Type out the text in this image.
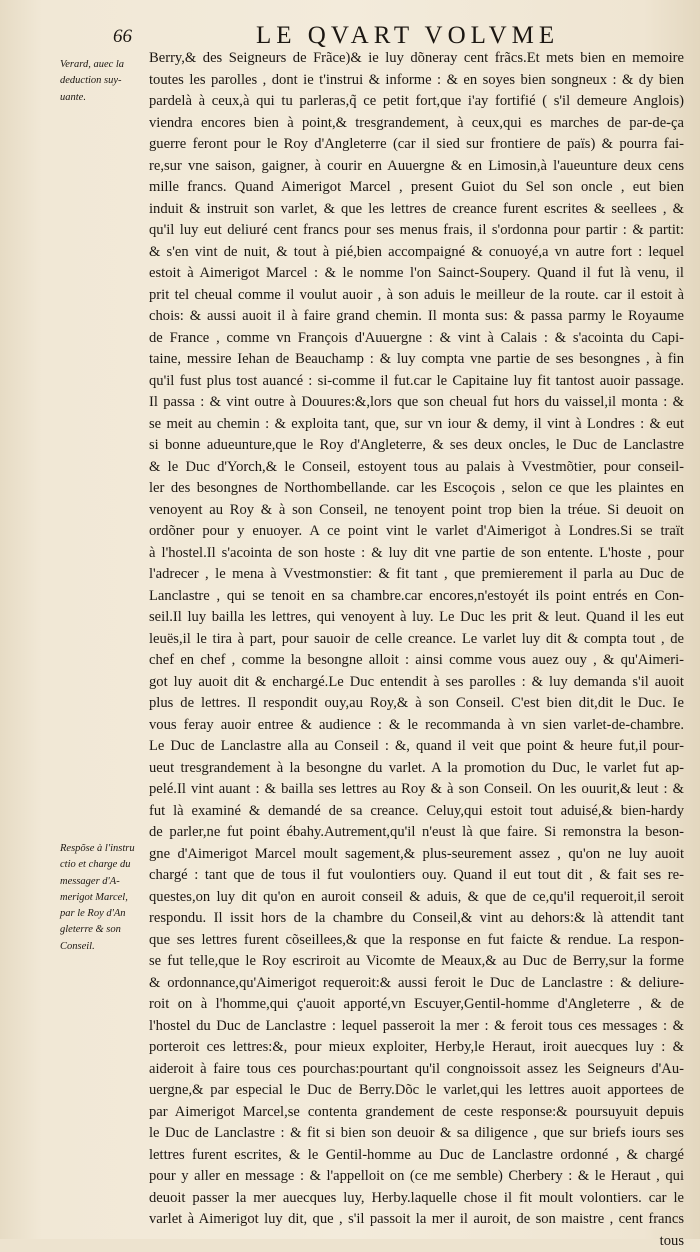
66	LE QVART VOLVME
Verard, auec la
deduction suy-
uante.
Respõse à l'instru
ctio et charge du
messager d'A-
merigot Marcel,
par le Roy d'An
gleterre & son
Conseil.
Berry,& des Seigneurs de Frãce)& ie luy dõneray cent frãcs.Et mets bien en memoire
toutes les parolles , dont ie t'instrui & informe : & en soyes bien songneux : & dy bien
pardelà à ceux,à qui tu parleras,q̃ ce petit fort,que i'ay fortifié ( s'il demeure Anglois)
viendra encores bien à point,& tresgrandement, à ceux,qui es marches de par-de-ça
guerre feront pour le Roy d'Angleterre (car il sied sur frontiere de païs) & pourra fai-
re,sur vne saison, gaigner, à courir en Auuergne & en Limosin,à l'aueunture deux cens
mille francs. Quand Aimerigot Marcel , present Guiot du Sel son oncle , eut bien
induit & instruit son varlet, & que les lettres de creance furent escrites & seellees , &
qu'il luy eut deliuré cent francs pour ses menus frais, il s'ordonna pour partir : & partit:
& s'en vint de nuit, & tout à pié,bien accompaigné & conuoyé,a vn autre fort : lequel
estoit à Aimerigot Marcel : & le nomme l'on Sainct-Soupery. Quand il fut là venu, il
prit tel cheual comme il voulut auoir , à son aduis le meilleur de la route. car il estoit à
chois: & aussi auoit il à faire grand chemin. Il monta sus: & passa parmy le Royaume
de France , comme vn François d'Auuergne : & vint à Calais : & s'acointa du Capi-
taine, messire Iehan de Beauchamp : & luy compta vne partie de ses besongnes , à fin
qu'il fust plus tost auancé : si-comme il fut.car le Capitaine luy fit tantost auoir passage.
Il passa : & vint outre à Douures:&,lors que son cheual fut hors du vaissel,il monta : &
se meit au chemin : & exploita tant, que, sur vn iour & demy, il vint à Londres : & eut
si bonne adueunture,que le Roy d'Angleterre, & ses deux oncles, le Duc de Lanclastre
& le Duc d'Yorch,& le Conseil, estoyent tous au palais à Vvestmõtier, pour conseil-
ler des besongnes de Northombellande. car les Escoçois , selon ce que les plaintes en
venoyent au Roy & à son Conseil, ne tenoyent point trop bien la tréue. Si deuoit on
ordõner pour y enuoyer. A ce point vint le varlet d'Aimerigot à Londres.Si se traït
à l'hostel.Il s'acointa de son hoste : & luy dit vne partie de son entente. L'hoste , pour
l'adrecer , le mena à Vvestmonstier: & fit tant , que premierement il parla au Duc de
Lanclastre , qui se tenoit en sa chambre.car encores,n'estoyét ils point entrés en Con-
seil.Il luy bailla les lettres, qui venoyent à luy. Le Duc les prit & leut. Quand il les eut
leuës,il le tira à part, pour sauoir de celle creance. Le varlet luy dit & compta tout , de
chef en chef , comme la besongne alloit : ainsi comme vous auez ouy , & qu'Aimeri-
got luy auoit dit & enchargé.Le Duc entendit à ses parolles : & luy demanda s'il auoit
plus de lettres. Il respondit ouy,au Roy,& à son Conseil. C'est bien dit,dit le Duc. Ie
vous feray auoir entree & audience : & le recommanda à vn sien varlet-de-chambre.
Le Duc de Lanclastre alla au Conseil : &, quand il veit que point & heure fut,il pour-
ueut tresgrandement à la besongne du varlet. A la promotion du Duc, le varlet fut ap-
pelé.Il vint auant : & bailla ses lettres au Roy & à son Conseil. On les ouurit,& leut : &
fut là examiné & demandé de sa creance. Celuy,qui estoit tout aduisé,& bien-hardy
de parler,ne fut point ébahy.Autrement,qu'il n'eust là que faire. Si remonstra la beson-
gne d'Aimerigot Marcel moult sagement,& plus-seurement assez , qu'on ne luy auoit
chargé : tant que de tous il fut voulontiers ouy. Quand il eut tout dit , & fait ses re-
questes,on luy dit qu'on en auroit conseil & aduis, & que de ce,qu'il requeroit,il seroit
respondu. Il issit hors de la chambre du Conseil,& vint au dehors:& là attendit tant
que ses lettres furent cõseillees,& que la response en fut faicte & rendue. La respon-
se fut telle,que le Roy escriroit au Vicomte de Meaux,& au Duc de Berry,sur la forme
& ordonnance,qu'Aimerigot requeroit:& aussi feroit le Duc de Lanclastre : & deliure-
roit on à l'homme,qui ç'auoit apporté,vn Escuyer,Gentil-homme d'Angleterre , & de
l'hostel du Duc de Lanclastre : lequel passeroit la mer : & feroit tous ces messages : &
porteroit ces lettres:&, pour mieux exploiter, Herby,le Heraut, iroit auecques luy : &
aideroit à faire tous ces pourchas:pourtant qu'il congnoissoit assez les Seigneurs d'Au-
uergne,& par especial le Duc de Berry.Dõc le varlet,qui les lettres auoit apportees de
par Aimerigot Marcel,se contenta grandement de ceste response:& poursuyuit depuis
le Duc de Lanclastre : & fit si bien son deuoir & sa diligence , que sur briefs iours ses
lettres furent escrites, & le Gentil-homme au Duc de Lanclastre ordonné , & chargé
pour y aller en message : & l'appelloit on (ce me semble) Cherbery : & le Heraut , qui
deuoit passer la mer auecques luy, Herby.laquelle chose il fit moult volontiers. car le
varlet à Aimerigot luy dit, que , s'il passoit la mer il auroit, de son maistre , cent francs
tous
